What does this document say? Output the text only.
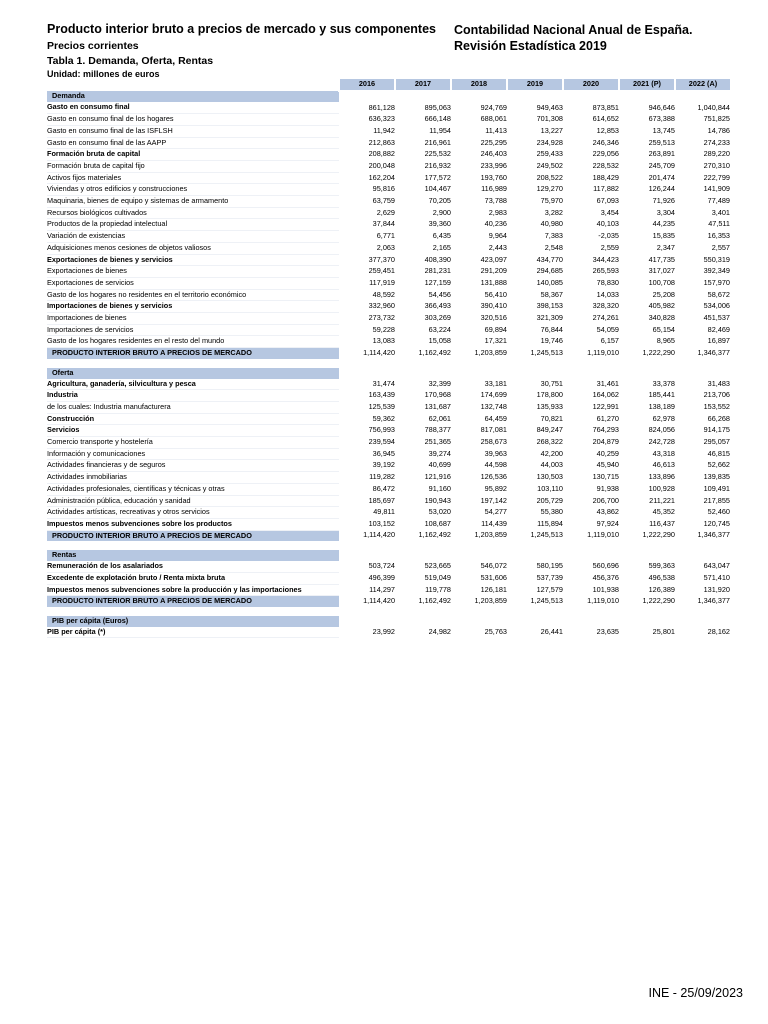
Producto interior bruto a precios de mercado y sus componentes Contabilidad Nacional Anual de España.
Revisión Estadística 2019
Precios corrientes
Tabla 1. Demanda, Oferta, Rentas
Unidad: millones de euros
	2016	2017	2018	2019	2020	2021 (P)	2022 (A)
Demanda							
Gasto en consumo final	861,128	895,063	924,769	949,463	873,851	946,646	1,040,844
Gasto en consumo final de los hogares	636,323	666,148	688,061	701,308	614,652	673,388	751,825
Gasto en consumo final de las ISFLSH	11,942	11,954	11,413	13,227	12,853	13,745	14,786
Gasto en consumo final de las AAPP	212,863	216,961	225,295	234,928	246,346	259,513	274,233
Formación bruta de capital	208,882	225,532	246,403	259,433	229,056	263,891	289,220
Formación bruta de capital fijo	200,048	216,932	233,996	249,502	228,532	245,709	270,310
Activos fijos materiales	162,204	177,572	193,760	208,522	188,429	201,474	222,799
Viviendas y otros edificios y construcciones	95,816	104,467	116,989	129,270	117,882	126,244	141,909
Maquinaria, bienes de equipo y sistemas de armamento	63,759	70,205	73,788	75,970	67,093	71,926	77,489
Recursos biológicos cultivados	2,629	2,900	2,983	3,282	3,454	3,304	3,401
Productos de la propiedad intelectual	37,844	39,360	40,236	40,980	40,103	44,235	47,511
Variación de existencias	6,771	6,435	9,964	7,383	-2,035	15,835	16,353
Adquisiciones menos cesiones de objetos valiosos	2,063	2,165	2,443	2,548	2,559	2,347	2,557
Exportaciones de bienes y servicios	377,370	408,390	423,097	434,770	344,423	417,735	550,319
Exportaciones de bienes	259,451	281,231	291,209	294,685	265,593	317,027	392,349
Exportaciones de servicios	117,919	127,159	131,888	140,085	78,830	100,708	157,970
Gasto de los hogares no residentes en el territorio económico	48,592	54,456	56,410	58,367	14,033	25,208	58,672
Importaciones de bienes y servicios	332,960	366,493	390,410	398,153	328,320	405,982	534,006
Importaciones de bienes	273,732	303,269	320,516	321,309	274,261	340,828	451,537
Importaciones de servicios	59,228	63,224	69,894	76,844	54,059	65,154	82,469
Gasto de los hogares residentes en el resto del mundo	13,083	15,058	17,321	19,746	6,157	8,965	16,897
PRODUCTO INTERIOR BRUTO A PRECIOS DE MERCADO	1,114,420	1,162,492	1,203,859	1,245,513	1,119,010	1,222,290	1,346,377

Oferta							
Agricultura, ganadería, silvicultura y pesca	31,474	32,399	33,181	30,751	31,461	33,378	31,483
Industria	163,439	170,968	174,699	178,800	164,062	185,441	213,706
de los cuales: Industria manufacturera	125,539	131,687	132,748	135,933	122,991	138,189	153,552
Construcción	59,362	62,061	64,459	70,821	61,270	62,978	66,268
Servicios	756,993	788,377	817,081	849,247	764,293	824,056	914,175
Comercio transporte y hostelería	239,594	251,365	258,673	268,322	204,879	242,728	295,057
Información y comunicaciones	36,945	39,274	39,963	42,200	40,259	43,318	46,815
Actividades financieras y de seguros	39,192	40,699	44,598	44,003	45,940	46,613	52,662
Actividades inmobiliarias	119,282	121,916	126,536	130,503	130,715	133,896	139,835
Actividades profesionales, científicas y técnicas y otras	86,472	91,160	95,892	103,110	91,938	100,928	109,491
Administración pública, educación y sanidad	185,697	190,943	197,142	205,729	206,700	211,221	217,855
Actividades artísticas, recreativas y otros servicios	49,811	53,020	54,277	55,380	43,862	45,352	52,460
Impuestos menos subvenciones sobre los productos	103,152	108,687	114,439	115,894	97,924	116,437	120,745
PRODUCTO INTERIOR BRUTO A PRECIOS DE MERCADO	1,114,420	1,162,492	1,203,859	1,245,513	1,119,010	1,222,290	1,346,377

Rentas							
Remuneración de los asalariados	503,724	523,665	546,072	580,195	560,696	599,363	643,047
Excedente de explotación bruto / Renta mixta bruta	496,399	519,049	531,606	537,739	456,376	496,538	571,410
Impuestos menos subvenciones sobre la producción y las importaciones	114,297	119,778	126,181	127,579	101,938	126,389	131,920
PRODUCTO INTERIOR BRUTO A PRECIOS DE MERCADO	1,114,420	1,162,492	1,203,859	1,245,513	1,119,010	1,222,290	1,346,377

PIB per cápita (Euros)							
PIB per cápita (*)	23,992	24,982	25,763	26,441	23,635	25,801	28,162
INE - 25/09/2023
